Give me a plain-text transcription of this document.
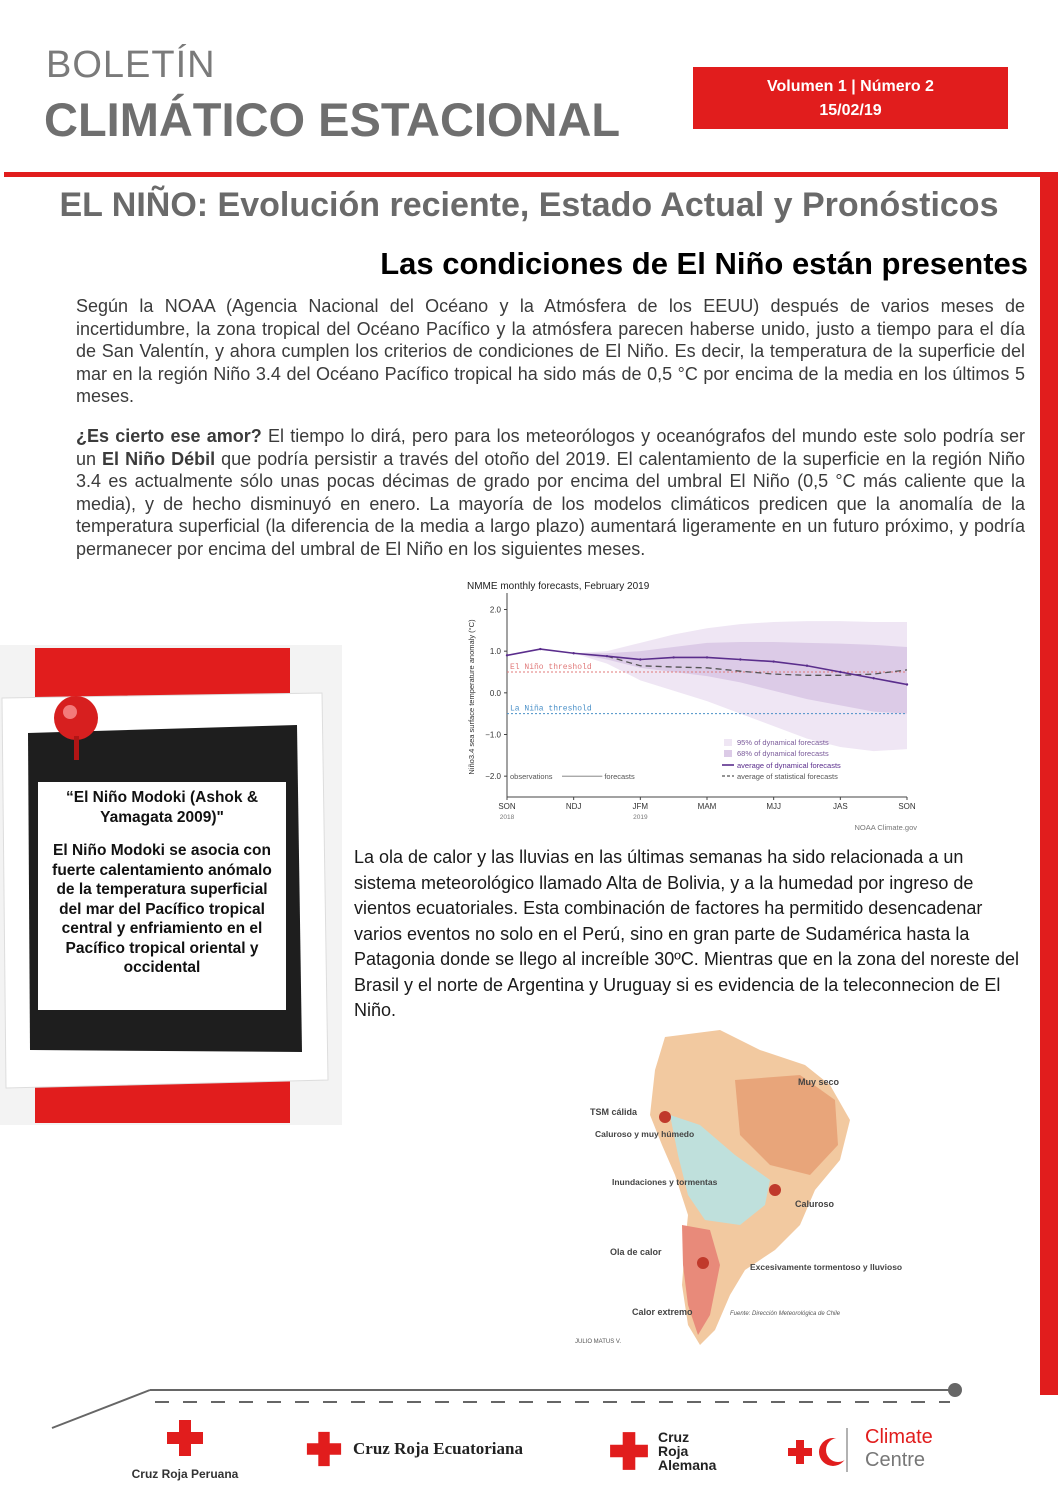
BOLETÍN
CLIMÁTICO ESTACIONAL
Volumen 1 | Número 2
15/02/19
EL NIÑO: Evolución reciente, Estado Actual y Pronósticos
Las condiciones de El Niño están presentes
Según la NOAA (Agencia Nacional del Océano y la Atmósfera de los EEUU) después de varios meses de incertidumbre, la zona tropical del Océano Pacífico y la atmósfera parecen haberse unido, justo a tiempo para el día de San Valentín, y ahora cumplen los criterios de condiciones de El Niño. Es decir, la temperatura de la superficie del mar en la región Niño 3.4 del Océano Pacífico tropical ha sido más de 0,5 °C por encima de la media en los últimos 5 meses.
¿Es cierto ese amor? El tiempo lo dirá, pero para los meteorólogos y oceanógrafos del mundo este solo podría ser un El Niño Débil que podría persistir a través del otoño del 2019. El calentamiento de la superficie en la región Niño 3.4 es actualmente sólo unas pocas décimas de grado por encima del umbral El Niño (0,5 °C más caliente que la media), y de hecho disminuyó en enero. La mayoría de los modelos climáticos predicen que la anomalía de la temperatura superficial (la diferencia de la media a largo plazo) aumentará ligeramente en un futuro próximo, y podría permanecer por encima del umbral de El Niño en los siguientes meses.
NMME monthly forecasts, February 2019
2.0
1.0
0.0
−1.0
−2.0
El Niño threshold
La Niña threshold
SON	NDJ	JFM	MAM	MJJ	JAS	SON
2018	2019
Niño3.4 sea surface temperature anomaly (°C)
observations	forecasts
95% of dynamical forecasts
68% of dynamical forecasts
average of dynamical forecasts
average of statistical forecasts
NOAA Climate.gov
“El Niño Modoki (Ashok & Yamagata 2009)"
El Niño Modoki se asocia con fuerte calentamiento anómalo de la temperatura superficial del mar del Pacífico tropical central y enfriamiento en el Pacífico tropical oriental y occidental
La ola de calor y las lluvias en las últimas semanas ha sido relacionada a un sistema meteorológico llamado Alta de Bolivia, y a la humedad por ingreso de vientos ecuatoriales. Esta combinación de factores ha permitido desencadenar varios eventos no solo en el Perú, sino en gran parte de Sudamérica hasta la Patagonia donde se llego al increíble 30ºC. Mientras que en la zona del noreste del Brasil y el norte de Argentina y Uruguay si es evidencia de la teleconnecion de El Niño.
Muy seco
TSM cálida
Caluroso y muy húmedo
Caluroso
Inundaciones y tormentas
Ola de calor
Excesivamente tormentoso y lluvioso
Calor extremo	Fuente: Dirección Meteorológica de Chile
JULIO MATUS V.
Cruz Roja Peruana
Cruz Roja Ecuatoriana
Cruz
Roja
Alemana
Climate
Centre
